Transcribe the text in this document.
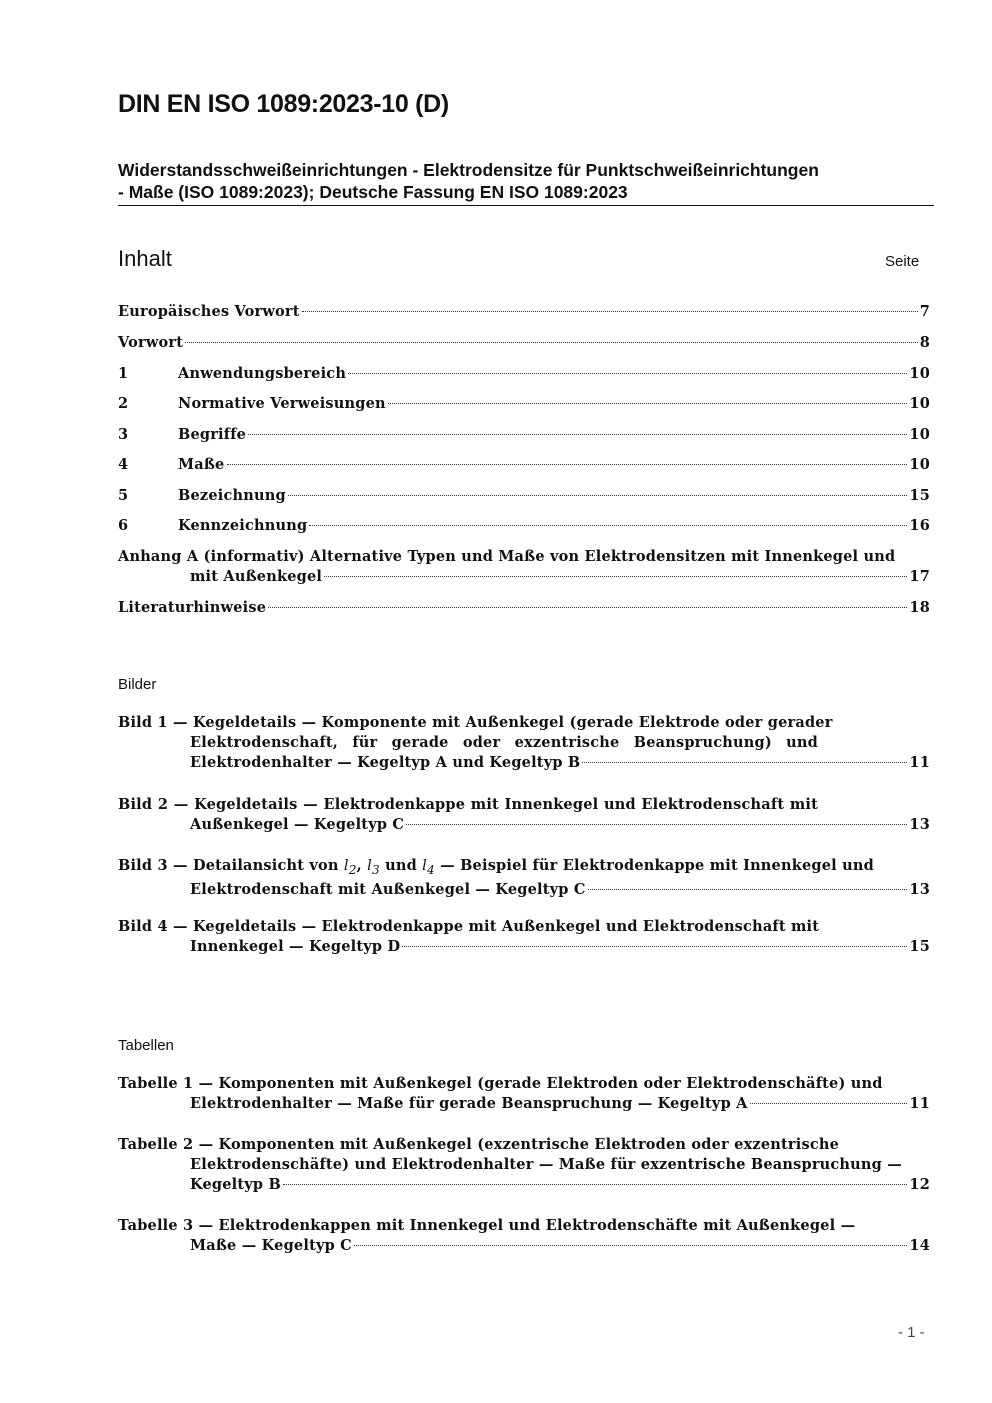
DIN EN ISO 1089:2023-10 (D)
Widerstandsschweißeinrichtungen - Elektrodensitze für Punktschweißeinrichtungen
- Maße (ISO 1089:2023); Deutsche Fassung EN ISO 1089:2023
Inhalt	Seite
Europäisches Vorwort	7
Vorwort	8
1	Anwendungsbereich	10
2	Normative Verweisungen	10
3	Begriffe	10
4	Maße	10
5	Bezeichnung	15
6	Kennzeichnung	16
Anhang A (informativ) Alternative Typen und Maße von Elektrodensitzen mit Innenkegel und
mit Außenkegel	17
Literaturhinweise	18
Bilder
Bild 1 — Kegeldetails — Komponente mit Außenkegel (gerade Elektrode oder gerader
Elektrodenschaft, für gerade oder exzentrische Beanspruchung) und
Elektrodenhalter — Kegeltyp A und Kegeltyp B	11
Bild 2 — Kegeldetails — Elektrodenkappe mit Innenkegel und Elektrodenschaft mit
Außenkegel — Kegeltyp C	13
Bild 3 — Detailansicht von $l_2$, $l_3$ und $l_4$ — Beispiel für Elektrodenkappe mit Innenkegel und
Elektrodenschaft mit Außenkegel — Kegeltyp C	13
Bild 4 — Kegeldetails — Elektrodenkappe mit Außenkegel und Elektrodenschaft mit
Innenkegel — Kegeltyp D	15
Tabellen
Tabelle 1 — Komponenten mit Außenkegel (gerade Elektroden oder Elektrodenschäfte) und
Elektrodenhalter — Maße für gerade Beanspruchung — Kegeltyp A	11
Tabelle 2 — Komponenten mit Außenkegel (exzentrische Elektroden oder exzentrische
Elektrodenschäfte) und Elektrodenhalter — Maße für exzentrische Beanspruchung —
Kegeltyp B	12
Tabelle 3 — Elektrodenkappen mit Innenkegel und Elektrodenschäfte mit Außenkegel —
Maße — Kegeltyp C	14
- 1 -
